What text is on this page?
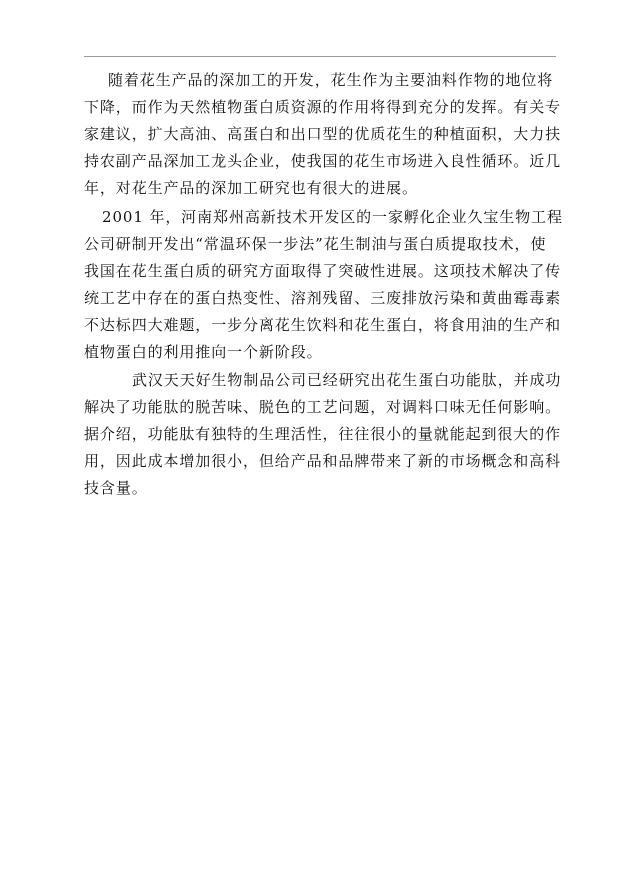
随着花生产品的深加工的开发，花生作为主要油料作物的地位将
下降，而作为天然植物蛋白质资源的作用将得到充分的发挥。有关专
家建议，扩大高油、高蛋白和出口型的优质花生的种植面积，大力扶
持农副产品深加工龙头企业，使我国的花生市场进入良性循环。近几
年，对花生产品的深加工研究也有很大的进展。
2001 年，河南郑州高新技术开发区的一家孵化企业久宝生物工程
公司研制开发出“常温环保一步法”花生制油与蛋白质提取技术，使
我国在花生蛋白质的研究方面取得了突破性进展。这项技术解决了传
统工艺中存在的蛋白热变性、溶剂残留、三废排放污染和黄曲霉毒素
不达标四大难题，一步分离花生饮料和花生蛋白，将食用油的生产和
植物蛋白的利用推向一个新阶段。
武汉天天好生物制品公司已经研究出花生蛋白功能肽，并成功
解决了功能肽的脱苦味、脱色的工艺问题，对调料口味无任何影响。
据介绍，功能肽有独特的生理活性，往往很小的量就能起到很大的作
用，因此成本增加很小，但给产品和品牌带来了新的市场概念和高科
技含量。
